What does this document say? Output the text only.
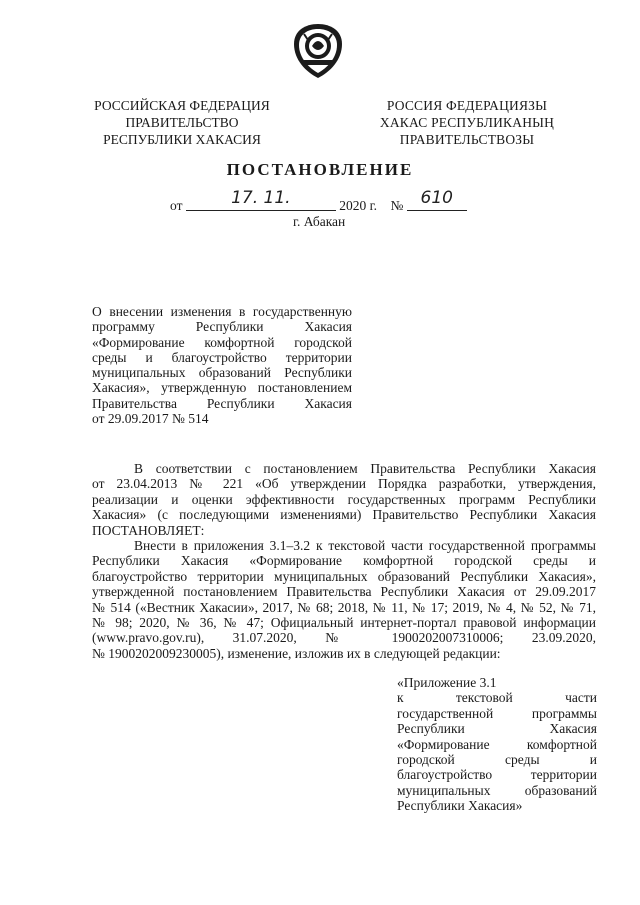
РОССИЙСКАЯ ФЕДЕРАЦИЯ
ПРАВИТЕЛЬСТВО
РЕСПУБЛИКИ ХАКАСИЯ
РОССИЯ ФЕДЕРАЦИЯЗЫ
ХАКАС РЕСПУБЛИКАНЫҢ
ПРАВИТЕЛЬСТВОЗЫ
ПОСТАНОВЛЕНИЕ
от	17. 11.	2020 г. № 610
г. Абакан
О внесении изменения в государственную
программу Республики Хакасия
«Формирование комфортной городской
среды и благоустройство территории
муниципальных образований Республики
Хакасия», утвержденную постановлением
Правительства Республики Хакасия
от 29.09.2017 № 514
В соответствии с постановлением Правительства Республики Хакасия
от 23.04.2013 № 221 «Об утверждении Порядка разработки, утверждения,
реализации и оценки эффективности государственных программ Республики
Хакасия» (с последующими изменениями) Правительство Республики Хакасия
ПОСТАНОВЛЯЕТ:
Внести в приложения 3.1–3.2 к текстовой части государственной программы
Республики Хакасия «Формирование комфортной городской среды и
благоустройство территории муниципальных образований Республики Хакасия»,
утвержденной постановлением Правительства Республики Хакасия от 29.09.2017
№ 514 («Вестник Хакасии», 2017, № 68; 2018, № 11, № 17; 2019, № 4, № 52, № 71,
№ 98; 2020, № 36, № 47; Официальный интернет-портал правовой информации
(www.pravo.gov.ru), 31.07.2020, № 1900202007310006; 23.09.2020,
№ 1900202009230005), изменение, изложив их в следующей редакции:
«Приложение 3.1
к текстовой части
государственной программы
Республики Хакасия
«Формирование комфортной
городской среды и
благоустройство территории
муниципальных образований
Республики Хакасия»
